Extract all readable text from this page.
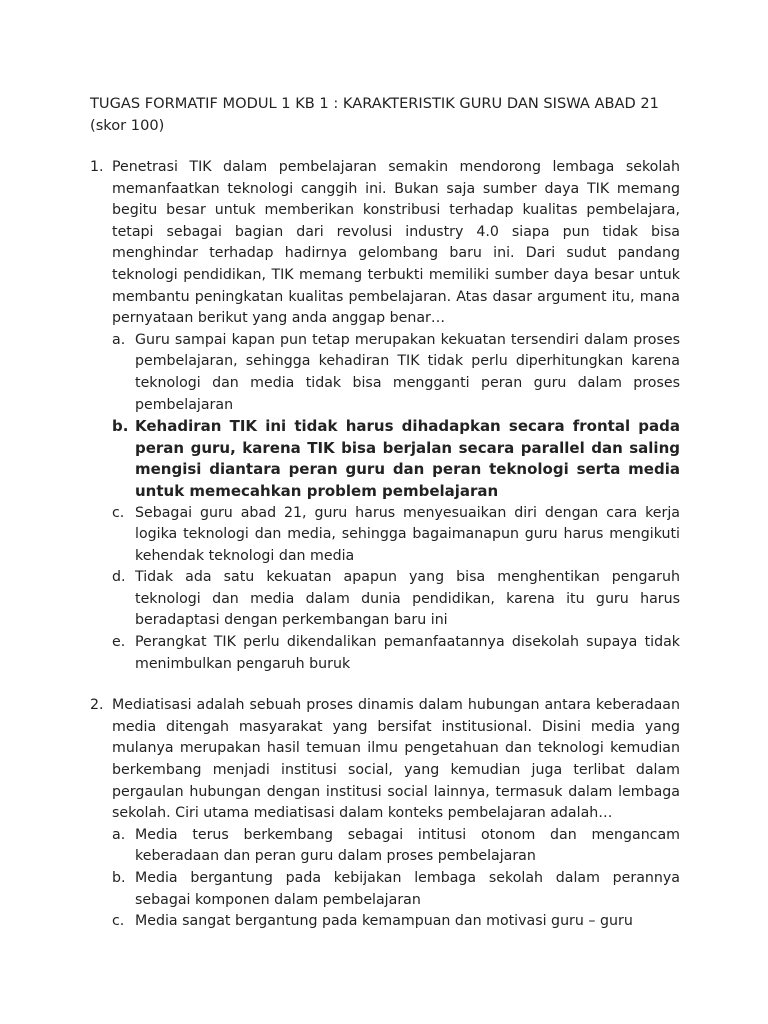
TUGAS FORMATIF MODUL 1 KB 1 : KARAKTERISTIK GURU DAN SISWA ABAD 21 (skor 100)
1. Penetrasi TIK dalam pembelajaran semakin mendorong lembaga sekolah memanfaatkan teknologi canggih ini. Bukan saja sumber daya TIK memang begitu besar untuk memberikan konstribusi terhadap kualitas pembelajara, tetapi sebagai bagian dari revolusi industry 4.0 siapa pun tidak bisa menghindar terhadap hadirnya gelombang baru ini. Dari sudut pandang teknologi pendidikan, TIK memang terbukti memiliki sumber daya besar untuk membantu peningkatan kualitas pembelajaran. Atas dasar argument itu, mana pernyataan berikut yang anda anggap benar…

a. Guru sampai kapan pun tetap merupakan kekuatan tersendiri dalam proses pembelajaran, sehingga kehadiran TIK tidak perlu diperhitungkan karena teknologi dan media tidak bisa mengganti peran guru dalam proses pembelajaran
b. Kehadiran TIK ini tidak harus dihadapkan secara frontal pada peran guru, karena TIK bisa berjalan secara parallel dan saling mengisi diantara peran guru dan peran teknologi serta media untuk memecahkan problem pembelajaran
c. Sebagai guru abad 21, guru harus menyesuaikan diri dengan cara kerja logika teknologi dan media, sehingga bagaimanapun guru harus mengikuti kehendak teknologi dan media
d. Tidak ada satu kekuatan apapun yang bisa menghentikan pengaruh teknologi dan media dalam dunia pendidikan, karena itu guru harus beradaptasi dengan perkembangan baru ini
e. Perangkat TIK perlu dikendalikan pemanfaatannya disekolah supaya tidak menimbulkan pengaruh buruk
2. Mediatisasi adalah sebuah proses dinamis dalam hubungan antara keberadaan media ditengah masyarakat yang bersifat institusional. Disini media yang mulanya merupakan hasil temuan ilmu pengetahuan dan teknologi kemudian berkembang menjadi institusi social, yang kemudian juga terlibat dalam pergaulan hubungan dengan institusi social lainnya, termasuk dalam lembaga sekolah. Ciri utama mediatisasi dalam konteks pembelajaran adalah…

a. Media terus berkembang sebagai intitusi otonom dan mengancam keberadaan dan peran guru dalam proses pembelajaran
b. Media bergantung pada kebijakan lembaga sekolah dalam perannya sebagai komponen dalam pembelajaran
c. Media sangat bergantung pada kemampuan dan motivasi guru – guru
